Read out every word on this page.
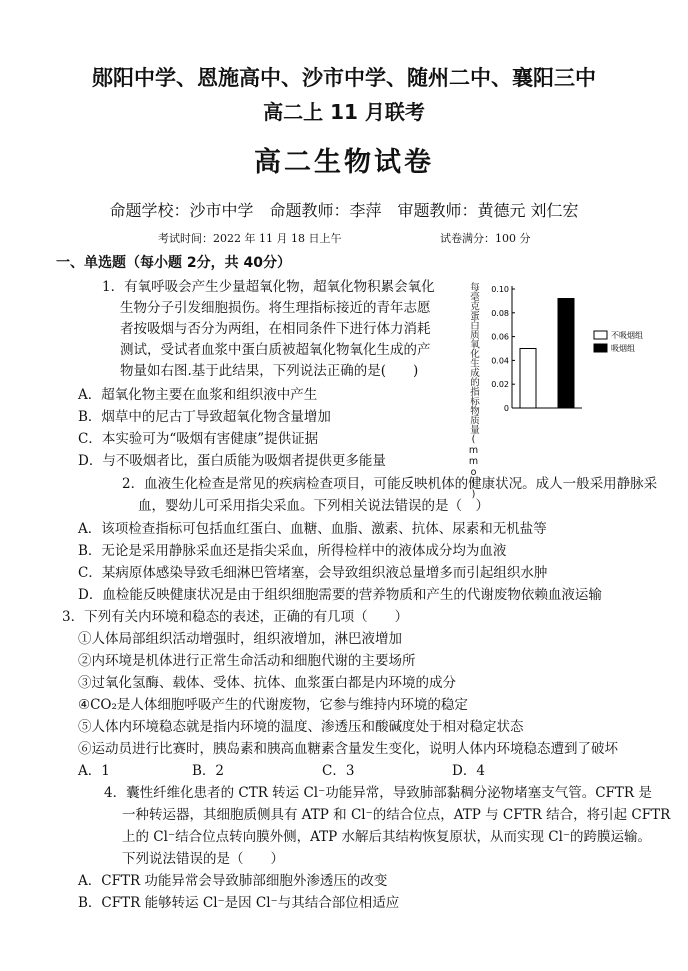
郧阳中学、恩施高中、沙市中学、随州二中、襄阳三中
高二上 11 月联考
高二生物试卷
命题学校：沙市中学　命题教师：李萍　审题教师：黄德元 刘仁宏
考试时间：2022 年 11 月 18 日上午	试卷满分：100 分
一、单选题（每小题 2分，共 40分）
1．有氧呼吸会产生少量超氧化物，超氧化物积累会氧化
生物分子引发细胞损伤。将生理指标接近的青年志愿
者按吸烟与否分为两组，在相同条件下进行体力消耗
测试，受试者血浆中蛋白质被超氧化物氧化生成的产
物量如右图.基于此结果，下列说法正确的是(　　)
A．超氧化物主要在血浆和组织液中产生
B．烟草中的尼古丁导致超氧化物含量增加
C．本实验可为“吸烟有害健康”提供证据
D．与不吸烟者比，蛋白质能为吸烟者提供更多能量	每毫克蛋白质氧化生成的指标物质量(mmol)	0
0.02
0.04
0.06
0.08
0.10
不吸烟组
吸烟组
2．血液生化检查是常见的疾病检查项目，可能反映机体的健康状况。成人一般采用静脉采
血，婴幼儿可采用指尖采血。下列相关说法错误的是（　）
A．该项检查指标可包括血红蛋白、血糖、血脂、激素、抗体、尿素和无机盐等
B．无论是采用静脉采血还是指尖采血，所得检样中的液体成分均为血液
C．某病原体感染导致毛细淋巴管堵塞，会导致组织液总量增多而引起组织水肿
D．血检能反映健康状况是由于组织细胞需要的营养物质和产生的代谢废物依赖血液运输
3．下列有关内环境和稳态的表述，正确的有几项（　　）
①人体局部组织活动增强时，组织液增加，淋巴液增加
②内环境是机体进行正常生命活动和细胞代谢的主要场所
③过氧化氢酶、载体、受体、抗体、血浆蛋白都是内环境的成分
④CO₂是人体细胞呼吸产生的代谢废物，它参与维持内环境的稳定
⑤人体内环境稳态就是指内环境的温度、渗透压和酸碱度处于相对稳定状态
⑥运动员进行比赛时，胰岛素和胰高血糖素含量发生变化，说明人体内环境稳态遭到了破坏
A．1	B．2	C．3	D．4
4．囊性纤维化患者的 CTR 转运 Cl⁻功能异常，导致肺部黏稠分泌物堵塞支气管。CFTR 是
一种转运器，其细胞质侧具有 ATP 和 Cl⁻的结合位点，ATP 与 CFTR 结合，将引起 CFTR
上的 Cl⁻结合位点转向膜外侧，ATP 水解后其结构恢复原状，从而实现 Cl⁻的跨膜运输。
下列说法错误的是（　　）
A．CFTR 功能异常会导致肺部细胞外渗透压的改变
B．CFTR 能够转运 Cl⁻是因 Cl⁻与其结合部位相适应
